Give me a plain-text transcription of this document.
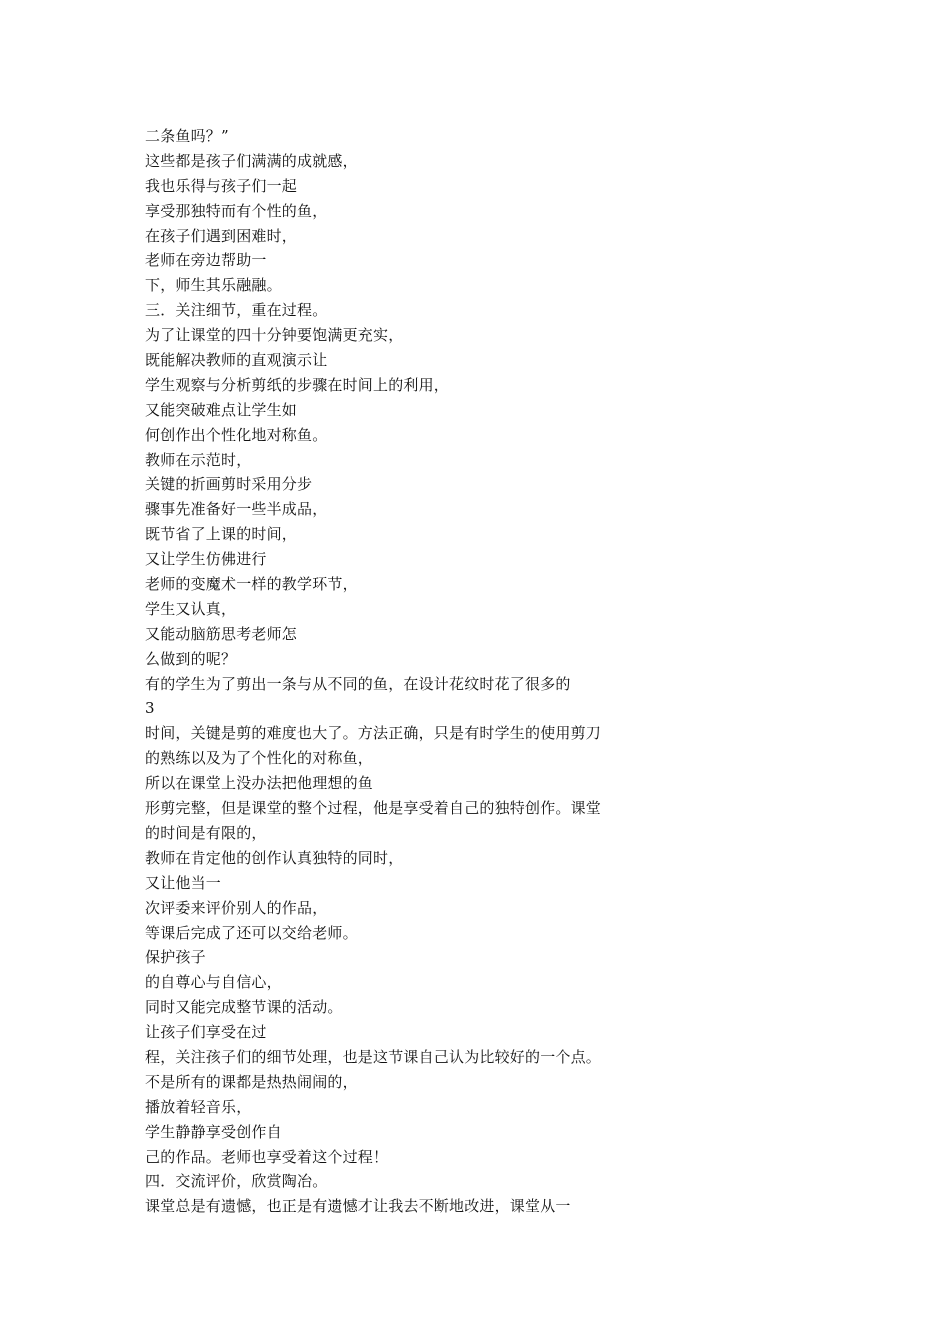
二条鱼吗？”
这些都是孩子们满满的成就感，
我也乐得与孩子们一起
享受那独特而有个性的鱼，
在孩子们遇到困难时，
老师在旁边帮助一
下，师生其乐融融。
三．关注细节，重在过程。
为了让课堂的四十分钟要饱满更充实，
既能解决教师的直观演示让
学生观察与分析剪纸的步骤在时间上的利用，
又能突破难点让学生如
何创作出个性化地对称鱼。
教师在示范时，
关键的折画剪时采用分步
骤事先准备好一些半成品，
既节省了上课的时间，
又让学生仿佛进行
老师的变魔术一样的教学环节，
学生又认真，
又能动脑筋思考老师怎
么做到的呢？
有的学生为了剪出一条与从不同的鱼，在设计花纹时花了很多的
3
时间，关键是剪的难度也大了。方法正确，只是有时学生的使用剪刀
的熟练以及为了个性化的对称鱼，
所以在课堂上没办法把他理想的鱼
形剪完整，但是课堂的整个过程，他是享受着自己的独特创作。课堂
的时间是有限的，
教师在肯定他的创作认真独特的同时，
又让他当一
次评委来评价别人的作品，
等课后完成了还可以交给老师。
保护孩子
的自尊心与自信心，
同时又能完成整节课的活动。
让孩子们享受在过
程，关注孩子们的细节处理，也是这节课自己认为比较好的一个点。
不是所有的课都是热热闹闹的，
播放着轻音乐，
学生静静享受创作自
己的作品。老师也享受着这个过程！
四．交流评价，欣赏陶冶。
课堂总是有遗憾，也正是有遗憾才让我去不断地改进，课堂从一
